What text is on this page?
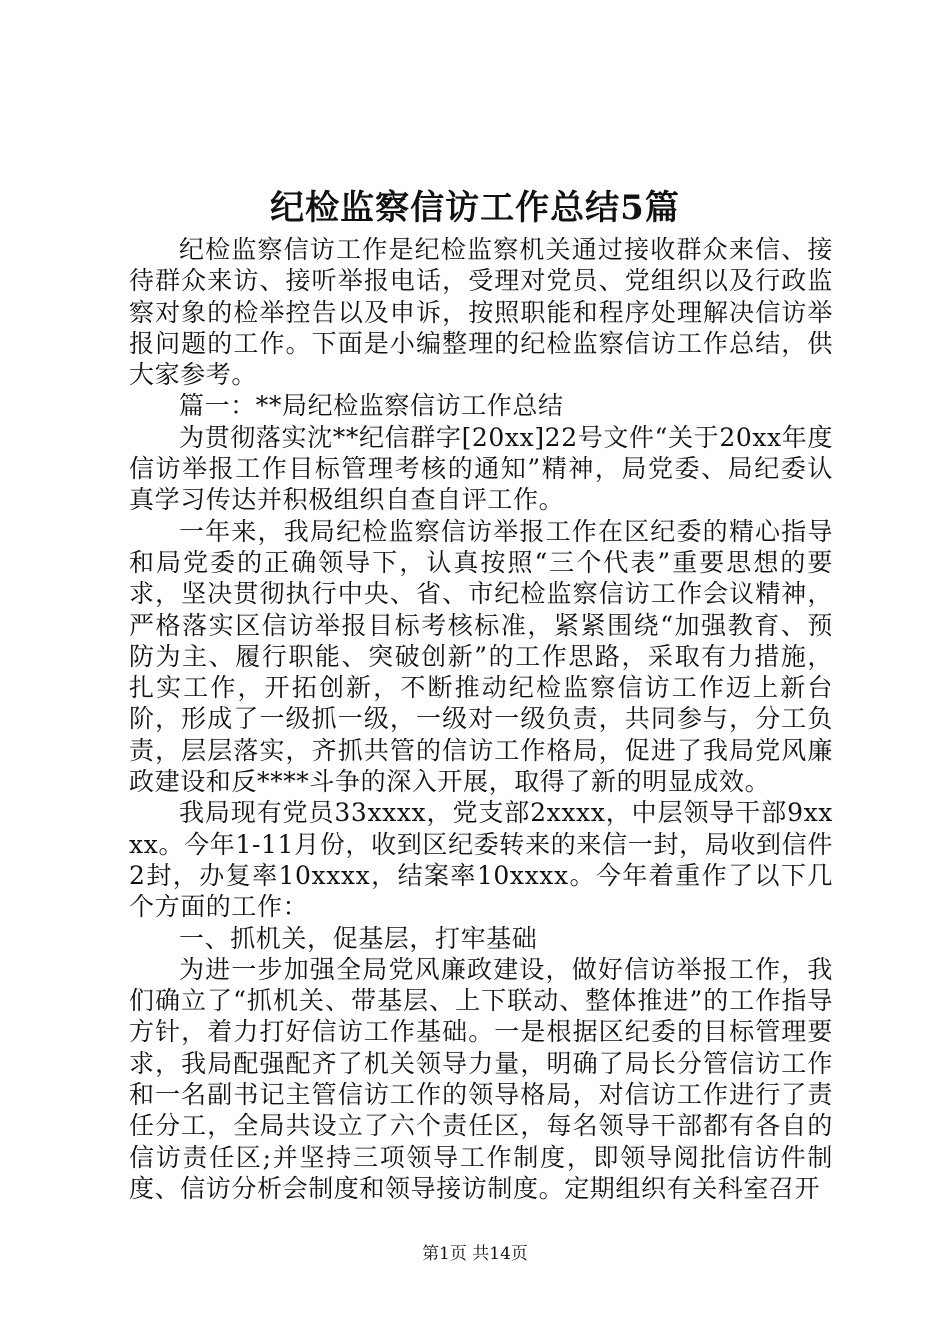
纪检监察信访工作总结5篇

纪检监察信访工作是纪检监察机关通过接收群众来信、接待群众来访、接听举报电话，受理对党员、党组织以及行政监察对象的检举控告以及申诉，按照职能和程序处理解决信访举报问题的工作。下面是小编整理的纪检监察信访工作总结，供大家参考。

篇一：**局纪检监察信访工作总结

为贯彻落实沈**纪信群字[20xx]22号文件“关于20xx年度信访举报工作目标管理考核的通知”精神，局党委、局纪委认真学习传达并积极组织自查自评工作。

一年来，我局纪检监察信访举报工作在区纪委的精心指导和局党委的正确领导下，认真按照“三个代表”重要思想的要求，坚决贯彻执行中央、省、市纪检监察信访工作会议精神，严格落实区信访举报目标考核标准，紧紧围绕“加强教育、预防为主、履行职能、突破创新”的工作思路，采取有力措施，扎实工作，开拓创新，不断推动纪检监察信访工作迈上新台阶，形成了一级抓一级，一级对一级负责，共同参与，分工负责，层层落实，齐抓共管的信访工作格局，促进了我局党风廉政建设和反****斗争的深入开展，取得了新的明显成效。

我局现有党员33xxxx，党支部2xxxx，中层领导干部9xxxx。今年1-11月份，收到区纪委转来的来信一封，局收到信件2封，办复率10xxxx，结案率10xxxx。今年着重作了以下几个方面的工作：

一、抓机关，促基层，打牢基础

为进一步加强全局党风廉政建设，做好信访举报工作，我们确立了“抓机关、带基层、上下联动、整体推进”的工作指导方针，着力打好信访工作基础。一是根据区纪委的目标管理要求，我局配强配齐了机关领导力量，明确了局长分管信访工作和一名副书记主管信访工作的领导格局，对信访工作进行了责任分工，全局共设立了六个责任区，每名领导干部都有各自的信访责任区;并坚持三项领导工作制度，即领导阅批信访件制度、信访分析会制度和领导接访制度。定期组织有关科室召开

第1页 共14页
